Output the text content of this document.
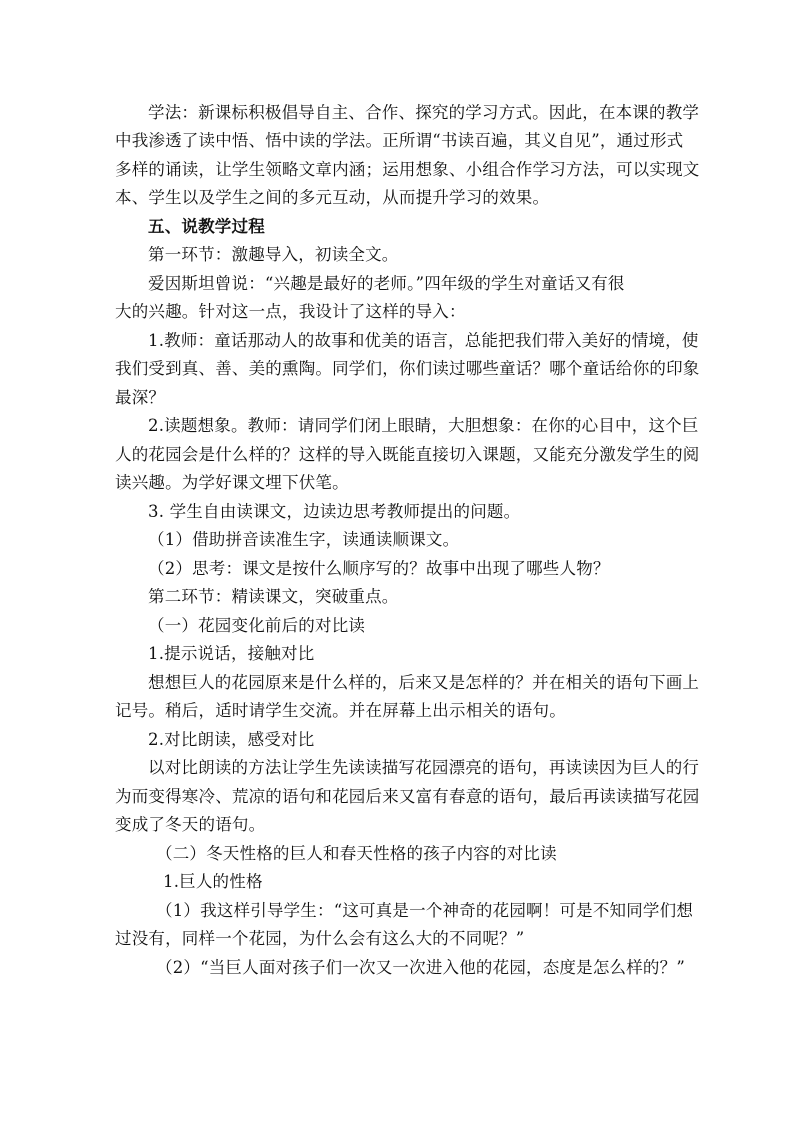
学法：新课标积极倡导自主、合作、探究的学习方式。因此，在本课的教学
中我渗透了读中悟、悟中读的学法。正所谓“书读百遍，其义自见”，通过形式
多样的诵读，让学生领略文章内涵；运用想象、小组合作学习方法，可以实现文
本、学生以及学生之间的多元互动，从而提升学习的效果。
五、说教学过程
第一环节：激趣导入，初读全文。
爱因斯坦曾说：“兴趣是最好的老师。”四年级的学生对童话又有很
大的兴趣。针对这一点，我设计了这样的导入：
1.教师：童话那动人的故事和优美的语言，总能把我们带入美好的情境，使
我们受到真、善、美的熏陶。同学们，你们读过哪些童话？哪个童话给你的印象
最深？
2.读题想象。教师：请同学们闭上眼睛，大胆想象：在你的心目中，这个巨
人的花园会是什么样的？这样的导入既能直接切入课题，又能充分激发学生的阅
读兴趣。为学好课文埋下伏笔。
3. 学生自由读课文，边读边思考教师提出的问题。
（1）借助拼音读准生字，读通读顺课文。
（2）思考：课文是按什么顺序写的？故事中出现了哪些人物？
第二环节：精读课文，突破重点。
（一）花园变化前后的对比读
1.提示说话，接触对比
想想巨人的花园原来是什么样的，后来又是怎样的？并在相关的语句下画上
记号。稍后，适时请学生交流。并在屏幕上出示相关的语句。
2.对比朗读，感受对比
以对比朗读的方法让学生先读读描写花园漂亮的语句，再读读因为巨人的行
为而变得寒冷、荒凉的语句和花园后来又富有春意的语句，最后再读读描写花园
变成了冬天的语句。
（二）冬天性格的巨人和春天性格的孩子内容的对比读
1.巨人的性格
（1）我这样引导学生：“这可真是一个神奇的花园啊！可是不知同学们想
过没有，同样一个花园，为什么会有这么大的不同呢？”
（2）“当巨人面对孩子们一次又一次进入他的花园，态度是怎么样的？”
